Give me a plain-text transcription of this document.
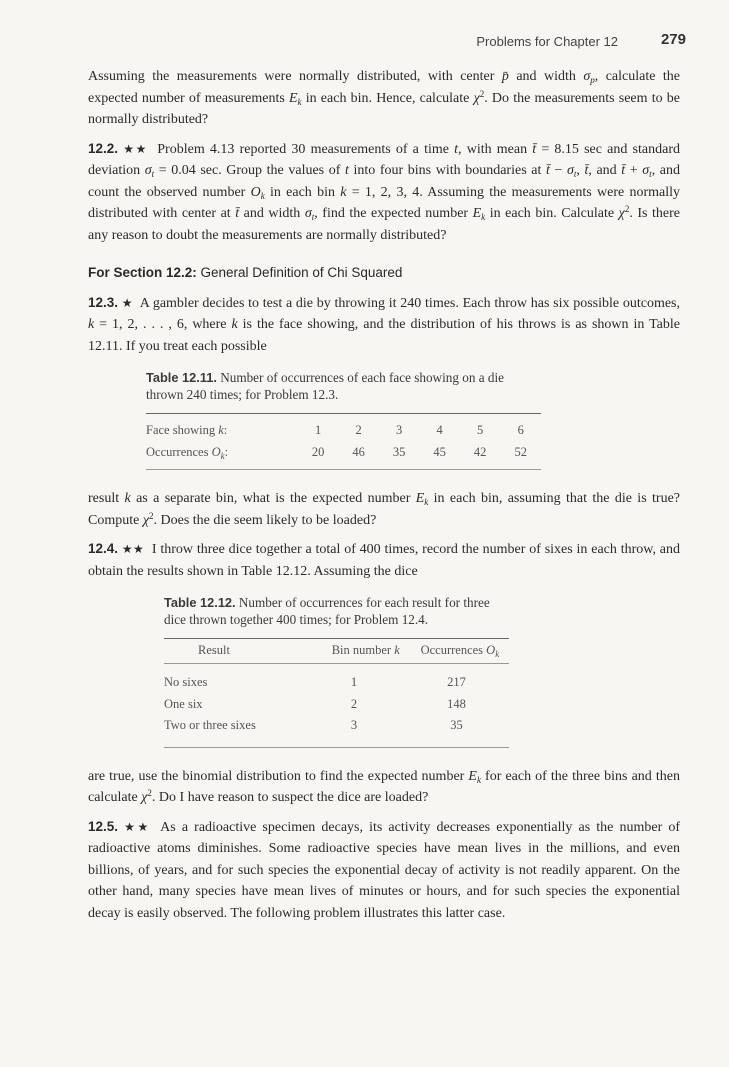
Problems for Chapter 12	279

Assuming the measurements were normally distributed, with center p̄ and width $\sigma_p$, calculate the expected number of measurements $E_k$ in each bin. Hence, calculate $\chi^2$. Do the measurements seem to be normally distributed?

12.2. ★★ Problem 4.13 reported 30 measurements of a time t, with mean t̄ = 8.15 sec and standard deviation $\sigma_t = 0.04$ sec. Group the values of t into four bins with boundaries at t̄ − $\sigma_t$, t̄, and t̄ + $\sigma_t$, and count the observed number $O_k$ in each bin k = 1, 2, 3, 4. Assuming the measurements were normally distributed with center at t̄ and width $\sigma_t$, find the expected number $E_k$ in each bin. Calculate $\chi^2$. Is there any reason to doubt the measurements are normally distributed?

For Section 12.2: General Definition of Chi Squared

12.3. ★ A gambler decides to test a die by throwing it 240 times. Each throw has six possible outcomes, k = 1, 2, . . . , 6, where k is the face showing, and the distribution of his throws is as shown in Table 12.11. If you treat each possible

Table 12.11. Number of occurrences of each face showing on a die thrown 240 times; for Problem 12.3.
Face showing k:	1	2	3	4	5	6
Occurrences $O_k$:	20	46	35	45	42	52

result k as a separate bin, what is the expected number $E_k$ in each bin, assuming that the die is true? Compute $\chi^2$. Does the die seem likely to be loaded?

12.4. ★★ I throw three dice together a total of 400 times, record the number of sixes in each throw, and obtain the results shown in Table 12.12. Assuming the dice

Table 12.12. Number of occurrences for each result for three dice thrown together 400 times; for Problem 12.4.
Result	Bin number k	Occurrences $O_k$
No sixes	1	217
One six	2	148
Two or three sixes	3	35

are true, use the binomial distribution to find the expected number $E_k$ for each of the three bins and then calculate $\chi^2$. Do I have reason to suspect the dice are loaded?

12.5. ★★ As a radioactive specimen decays, its activity decreases exponentially as the number of radioactive atoms diminishes. Some radioactive species have mean lives in the millions, and even billions, of years, and for such species the exponential decay of activity is not readily apparent. On the other hand, many species have mean lives of minutes or hours, and for such species the exponential decay is easily observed. The following problem illustrates this latter case.
